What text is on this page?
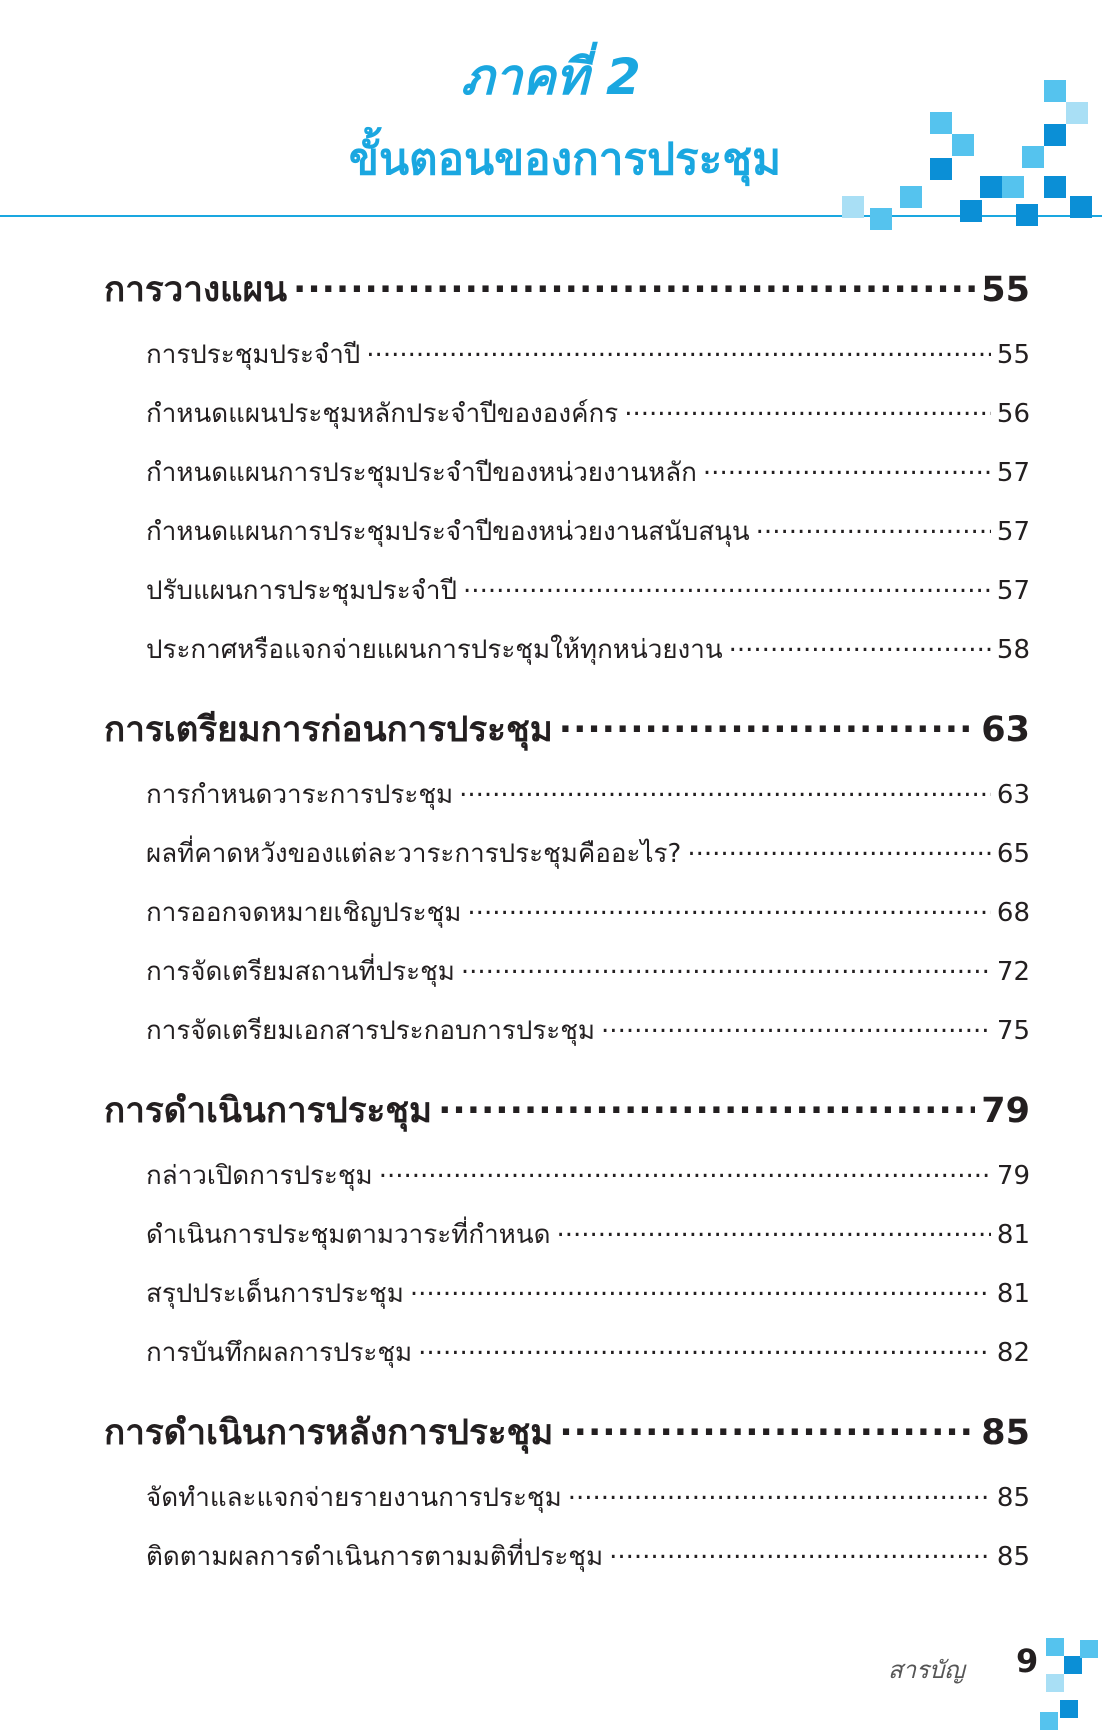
ภาคที่ 2
ขั้นตอนของการประชุม
การวางแผน .....	55
การประชุมประจำปี .....	55
กำหนดแผนประชุมหลักประจำปีขององค์กร .....	56
กำหนดแผนการประชุมประจำปีของหน่วยงานหลัก .....	57
กำหนดแผนการประชุมประจำปีของหน่วยงานสนับสนุน .....	57
ปรับแผนการประชุมประจำปี .....	57
ประกาศหรือแจกจ่ายแผนการประชุมให้ทุกหน่วยงาน .....	58
การเตรียมการก่อนการประชุม .....	63
การกำหนดวาระการประชุม .....	63
ผลที่คาดหวังของแต่ละวาระการประชุมคืออะไร? .....	65
การออกจดหมายเชิญประชุม .....	68
การจัดเตรียมสถานที่ประชุม .....	72
การจัดเตรียมเอกสารประกอบการประชุม .....	75
การดำเนินการประชุม .....	79
กล่าวเปิดการประชุม .....	79
ดำเนินการประชุมตามวาระที่กำหนด .....	81
สรุปประเด็นการประชุม .....	81
การบันทึกผลการประชุม .....	82
การดำเนินการหลังการประชุม .....	85
จัดทำและแจกจ่ายรายงานการประชุม .....	85
ติดตามผลการดำเนินการตามมติที่ประชุม .....	85
สารบัญ 9
